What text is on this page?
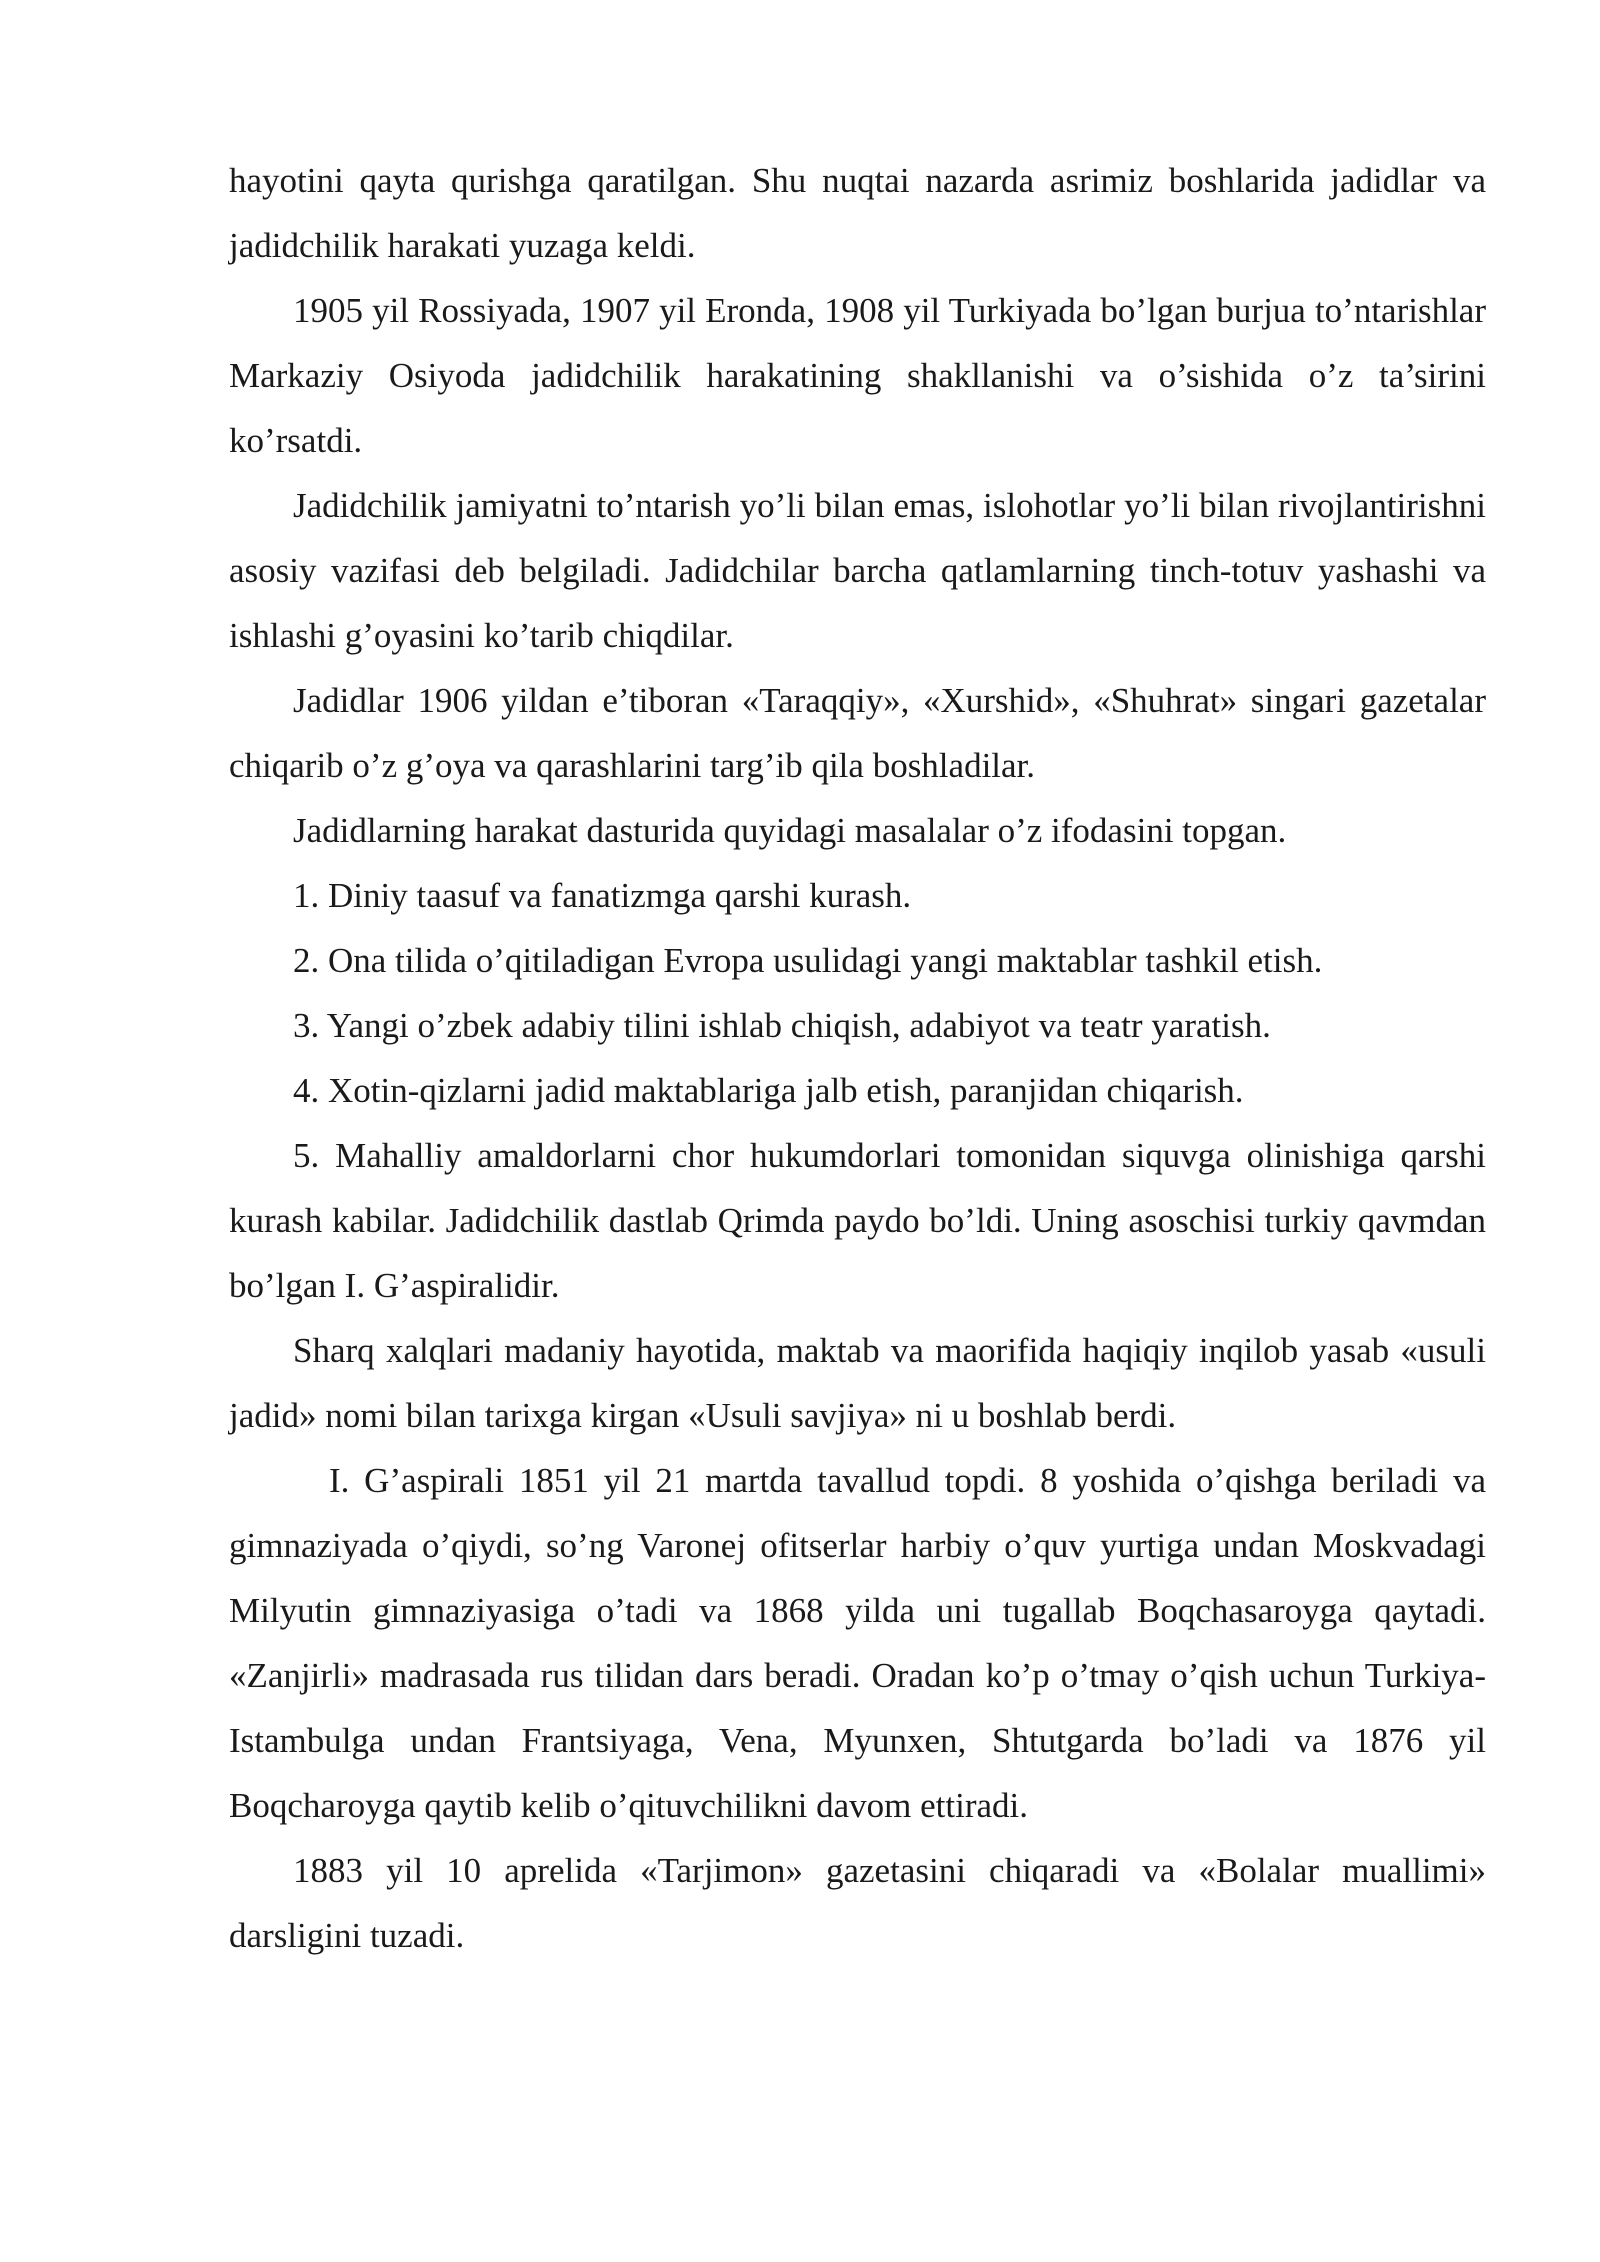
hayotini qayta qurishga qaratilgan. Shu nuqtai nazarda asrimiz boshlarida jadidlar va jadidchilik harakati yuzaga keldi.

1905 yil Rossiyada, 1907 yil Eronda, 1908 yil Turkiyada bo’lgan burjua to’ntarishlar Markaziy Osiyoda jadidchilik harakatining shakllanishi va o’sishida o’z ta’sirini ko’rsatdi.

Jadidchilik jamiyatni to’ntarish yo’li bilan emas, islohotlar yo’li bilan rivojlantirishni asosiy vazifasi deb belgiladi. Jadidchilar barcha qatlamlarning tinch-totuv yashashi va ishlashi g’oyasini ko’tarib chiqdilar.

Jadidlar 1906 yildan e’tiboran «Taraqqiy», «Xurshid», «Shuhrat» singari gazetalar chiqarib o’z g’oya va qarashlarini targ’ib qila boshladilar.

Jadidlarning harakat dasturida quyidagi masalalar o’z ifodasini topgan.

1. Diniy taasuf va fanatizmga qarshi kurash.

2. Ona tilida o’qitiladigan Evropa usulidagi yangi maktablar tashkil etish.

3. Yangi o’zbek adabiy tilini ishlab chiqish, adabiyot va teatr yaratish.

4. Xotin-qizlarni jadid maktablariga jalb etish, paranjidan chiqarish.

5. Mahalliy amaldorlarni chor hukumdorlari tomonidan siquvga olinishiga qarshi kurash kabilar. Jadidchilik dastlab Qrimda paydo bo’ldi. Uning asoschisi turkiy qavmdan bo’lgan I. G’aspiralidir.

Sharq xalqlari madaniy hayotida, maktab va maorifida haqiqiy inqilob yasab «usuli jadid» nomi bilan tarixga kirgan «Usuli savjiya» ni u boshlab berdi.

I. G’aspirali 1851 yil 21 martda tavallud topdi. 8 yoshida o’qishga beriladi va gimnaziyada o’qiydi, so’ng Varonej ofitserlar harbiy o’quv yurtiga undan Moskvadagi Milyutin gimnaziyasiga o’tadi va 1868 yilda uni tugallab Boqchasaroyga qaytadi. «Zanjirli» madrasada rus tilidan dars beradi. Oradan ko’p o’tmay o’qish uchun Turkiya-Istambulga undan Frantsiyaga, Vena, Myunxen, Shtutgarda bo’ladi va 1876 yil Boqcharoyga qaytib kelib o’qituvchilikni davom ettiradi.

1883 yil 10 aprelida «Tarjimon» gazetasini chiqaradi va «Bolalar muallimi» darsligini tuzadi.
